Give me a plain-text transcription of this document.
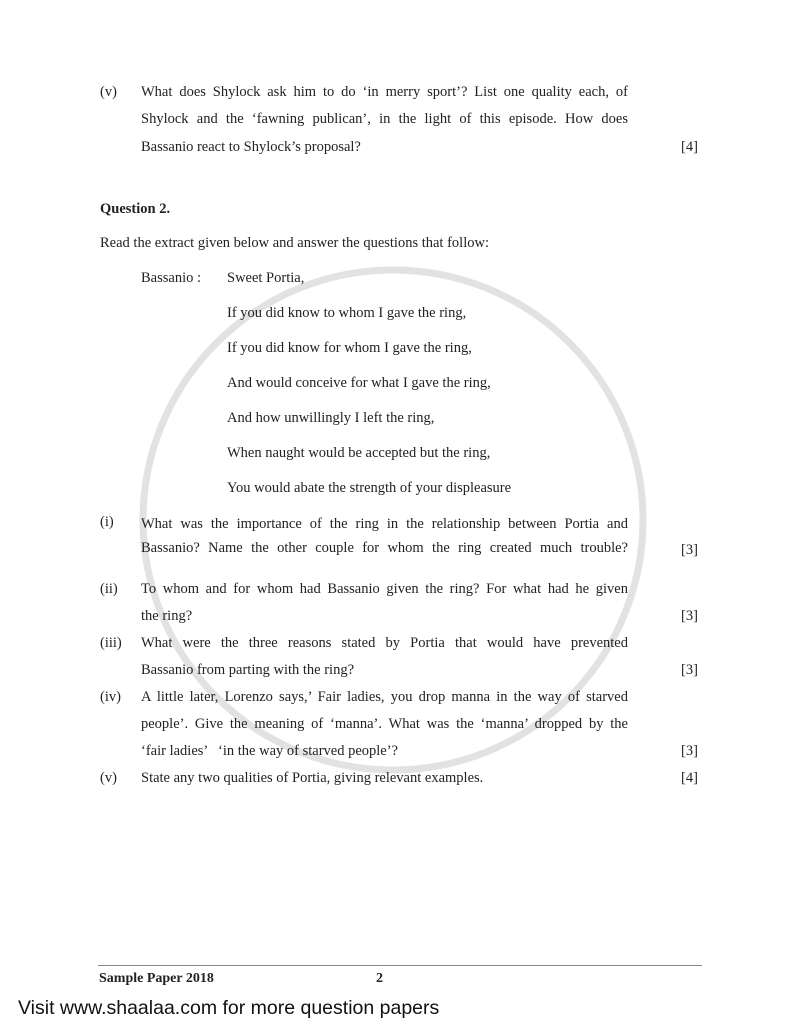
(v) What does Shylock ask him to do ‘in merry sport’? List one quality each, of
Shylock and the ‘fawning publican’, in the light of this episode. How does
Bassanio react to Shylock’s proposal?	[4]
Question 2.
Read the extract given below and answer the questions that follow:
Bassanio : Sweet Portia,
If you did know to whom I gave the ring,
If you did know for whom I gave the ring,
And would conceive for what I gave the ring,
And how unwillingly I left the ring,
When naught would be accepted but the ring,
You would abate the strength of your displeasure
(i) What was the importance of the ring in the relationship between Portia and
Bassanio? Name the other couple for whom the ring created much trouble?	[3]
(ii) To whom and for whom had Bassanio given the ring? For what had he given
the ring?	[3]
(iii) What were the three reasons stated by Portia that would have prevented
Bassanio from parting with the ring?	[3]
(iv) A little later, Lorenzo says,’ Fair ladies, you drop manna in the way of starved
people’. Give the meaning of ‘manna’. What was the ‘manna’ dropped by the
‘fair ladies’   ‘in the way of starved people’?	[3]
(v) State any two qualities of Portia, giving relevant examples.	[4]
Sample Paper 2018	2
Visit www.shaalaa.com for more question papers
